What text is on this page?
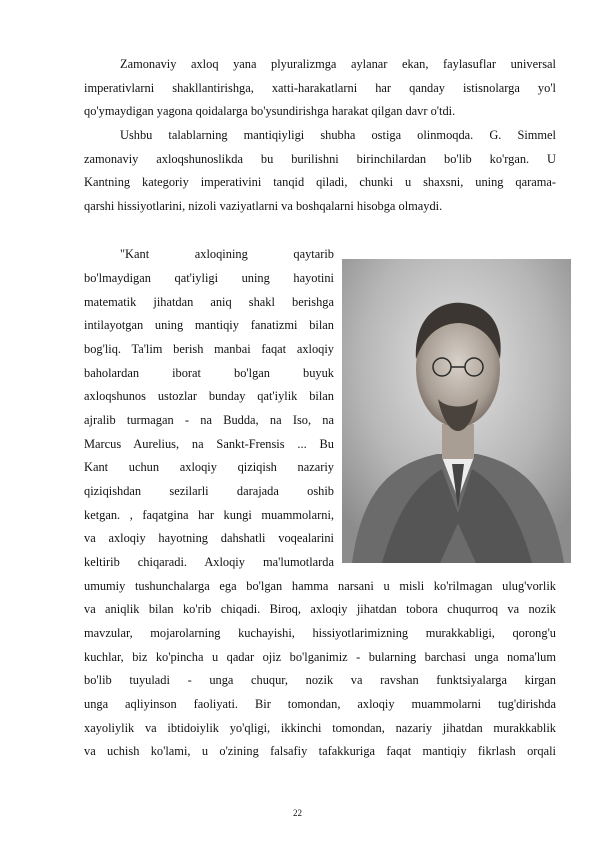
Zamonaviy axloq yana plyuralizmga aylanar ekan, faylasuflar universal
imperativlarni shakllantirishga, xatti-harakatlarni har qanday istisnolarga yo'l
qo'ymaydigan yagona qoidalarga bo'ysundirishga harakat qilgan davr o'tdi.
Ushbu talablarning mantiqiyligi shubha ostiga olinmoqda. G. Simmel
zamonaviy axloqshunoslikda bu burilishni birinchilardan bo'lib ko'rgan. U
Kantning kategoriy imperativini tanqid qiladi, chunki u shaxsni, uning qarama-
qarshi hissiyotlarini, nizoli vaziyatlarni va boshqalarni hisobga olmaydi.
"Kant axloqining qaytarib
bo'lmaydigan qat'iyligi uning hayotini
matematik jihatdan aniq shakl berishga
intilayotgan uning mantiqiy fanatizmi bilan
bog'liq. Ta'lim berish manbai faqat axloqiy
baholardan iborat bo'lgan buyuk
axloqshunos ustozlar bunday qat'iylik bilan
ajralib turmagan - na Budda, na Iso, na
Marcus Aurelius, na Sankt-Frensis ... Bu
Kant uchun axloqiy qiziqish nazariy
qiziqishdan sezilarli darajada oshib
ketgan. , faqatgina har kungi muammolarni,
va axloqiy hayotning dahshatli voqealarini
keltirib chiqaradi. Axloqiy ma'lumotlarda
umumiy tushunchalarga ega bo'lgan hamma narsani u misli ko'rilmagan ulug'vorlik
va aniqlik bilan ko'rib chiqadi. Biroq, axloqiy jihatdan tobora chuqurroq va nozik
mavzular, mojarolarning kuchayishi, hissiyotlarimizning murakkabligi, qorong'u
kuchlar, biz ko'pincha u qadar ojiz bo'lganimiz - bularning barchasi unga noma'lum
bo'lib tuyuladi - unga chuqur, nozik va ravshan funktsiyalarga kirgan
unga aqliyinson faoliyati. Bir tomondan, axloqiy muammolarni tug'dirishda
xayoliylik va ibtidoiylik yo'qligi, ikkinchi tomondan, nazariy jihatdan murakkablik
va uchish ko'lami, u o'zining falsafiy tafakkuriga faqat mantiqiy fikrlash orqali
22
